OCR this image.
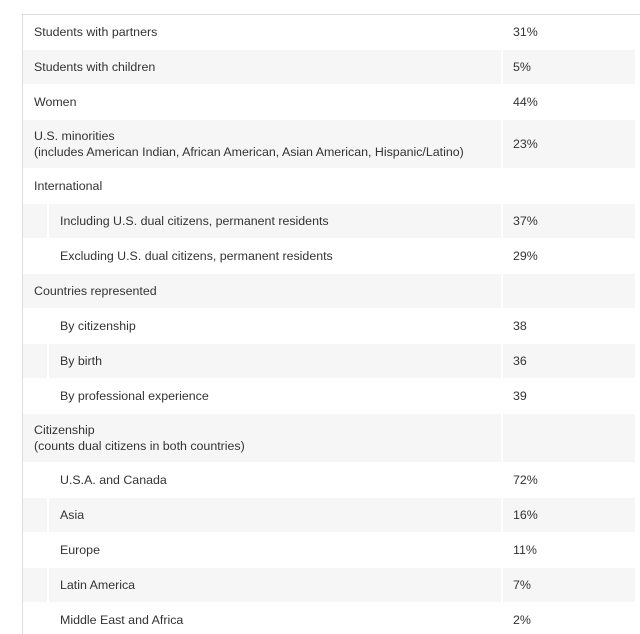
Students with partners		31%
Students with children		5%
Women		44%

U.S. minorities
(includes American Indian, African American, Asian American, Hispanic/Latino)		23%
International		
	Including U.S. dual citizens, permanent residents	37%
	Excluding U.S. dual citizens, permanent residents	29%
Countries represented		
	By citizenship	38
	By birth	36
	By professional experience	39

Citizenship
(counts dual citizens in both countries)		

	U.S.A. and Canada	72%
	Asia	16%
	Europe	11%
	Latin America	7%
	Middle East and Africa	2%
